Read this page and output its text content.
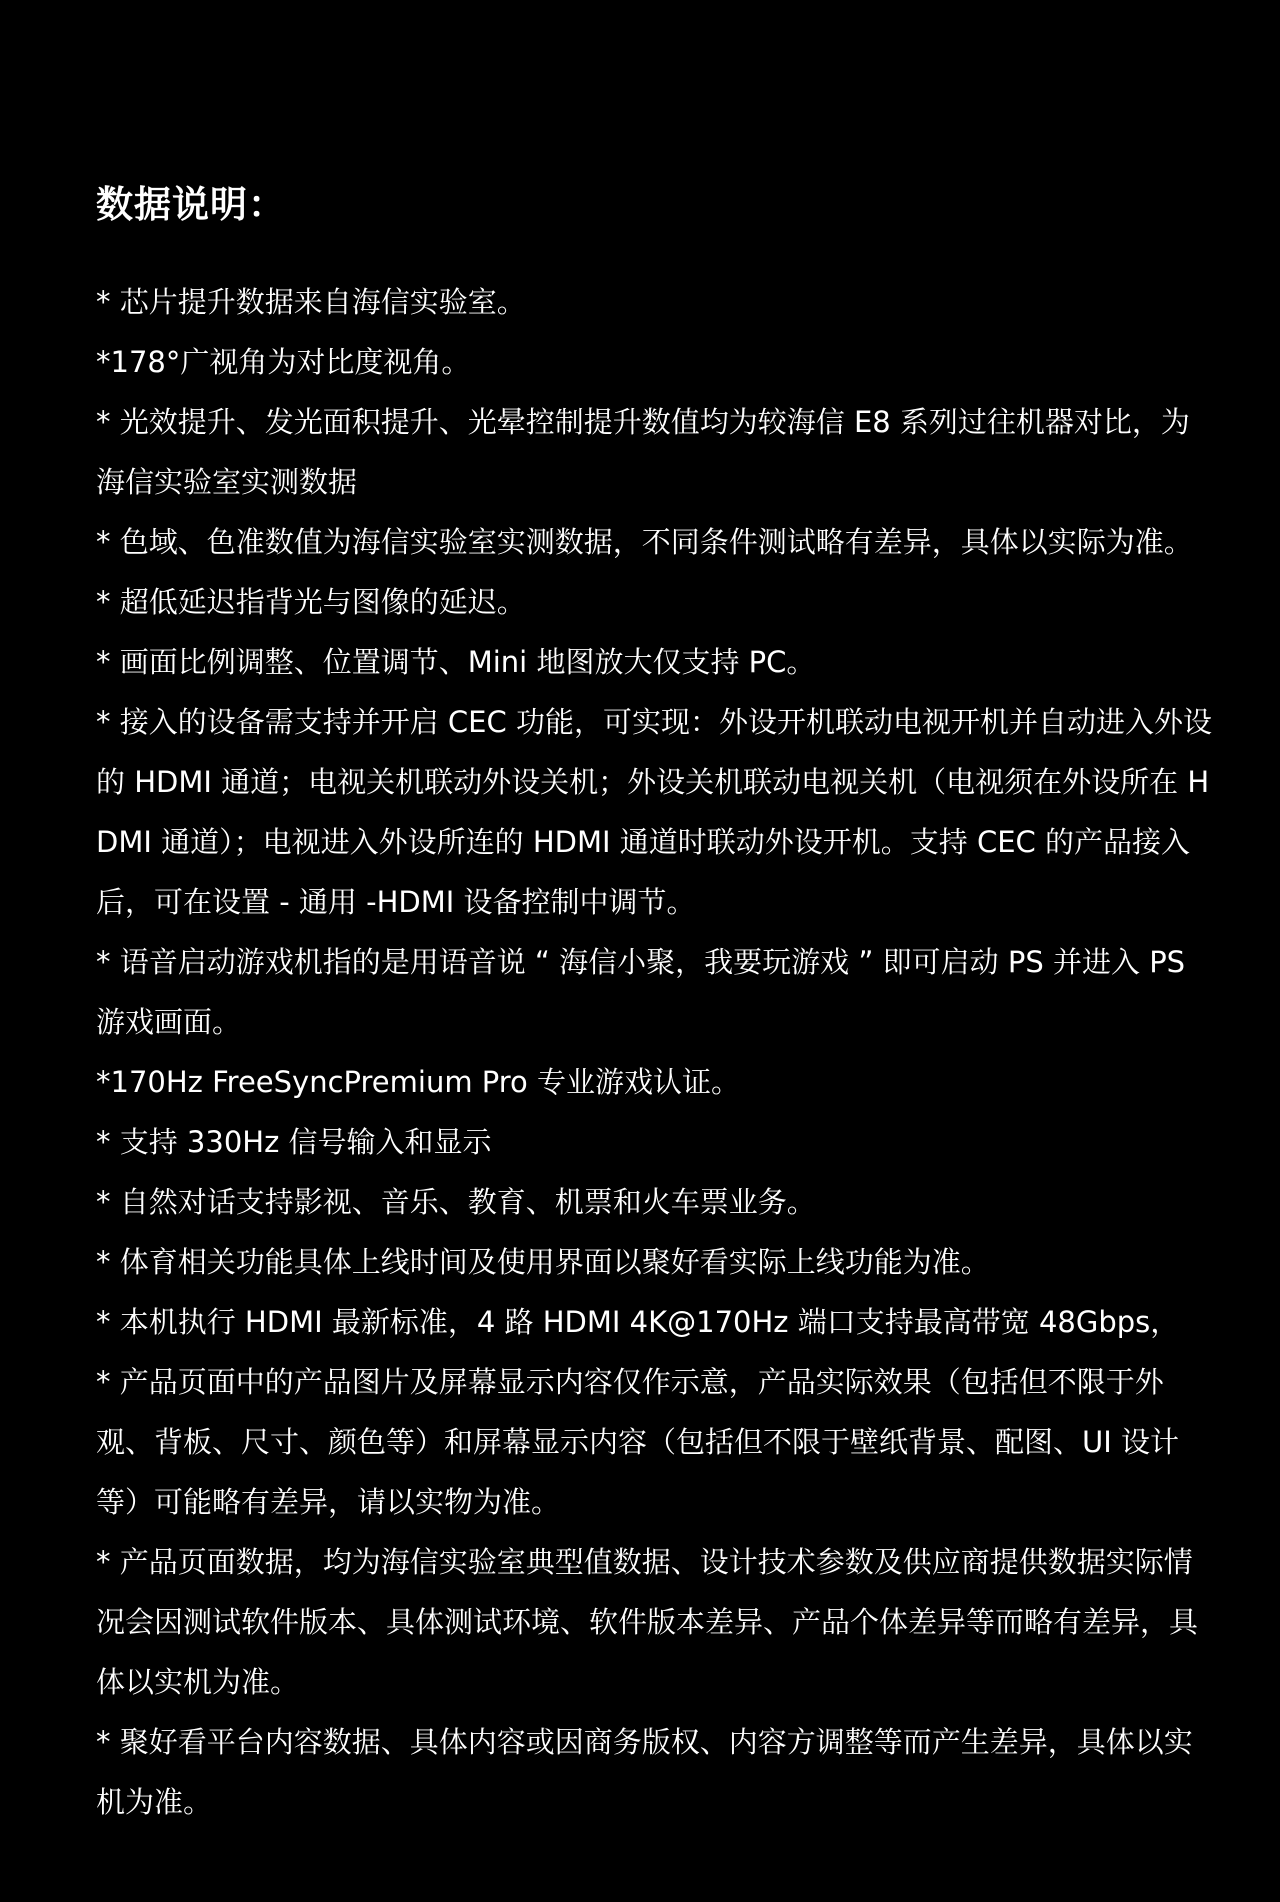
数据说明：
* 芯片提升数据来自海信实验室。
*178°广视角为对比度视角。
* 光效提升、发光面积提升、光晕控制提升数值均为较海信 E8 系列过往机器对比，为海信实验室实测数据
* 色域、色准数值为海信实验室实测数据，不同条件测试略有差异，具体以实际为准。
* 超低延迟指背光与图像的延迟。
* 画面比例调整、位置调节、Mini 地图放大仅支持 PC。
* 接入的设备需支持并开启 CEC 功能，可实现：外设开机联动电视开机并自动进入外设的 HDMI 通道；电视关机联动外设关机；外设关机联动电视关机（电视须在外设所在 HDMI 通道）；电视进入外设所连的 HDMI 通道时联动外设开机。支持 CEC 的产品接入后，可在设置 - 通用 -HDMI 设备控制中调节。
* 语音启动游戏机指的是用语音说 “ 海信小聚，我要玩游戏 ” 即可启动 PS 并进入 PS 游戏画面。
*170Hz FreeSyncPremium Pro 专业游戏认证。
* 支持 330Hz 信号输入和显示
* 自然对话支持影视、音乐、教育、机票和火车票业务。
* 体育相关功能具体上线时间及使用界面以聚好看实际上线功能为准。
* 本机执行 HDMI 最新标准，4 路 HDMI 4K@170Hz 端口支持最高带宽 48Gbps，
* 产品页面中的产品图片及屏幕显示内容仅作示意，产品实际效果（包括但不限于外观、背板、尺寸、颜色等）和屏幕显示内容（包括但不限于壁纸背景、配图、UI 设计等）可能略有差异，请以实物为准。
* 产品页面数据，均为海信实验室典型值数据、设计技术参数及供应商提供数据实际情况会因测试软件版本、具体测试环境、软件版本差异、产品个体差异等而略有差异，具体以实机为准。
* 聚好看平台内容数据、具体内容或因商务版权、内容方调整等而产生差异，具体以实机为准。
